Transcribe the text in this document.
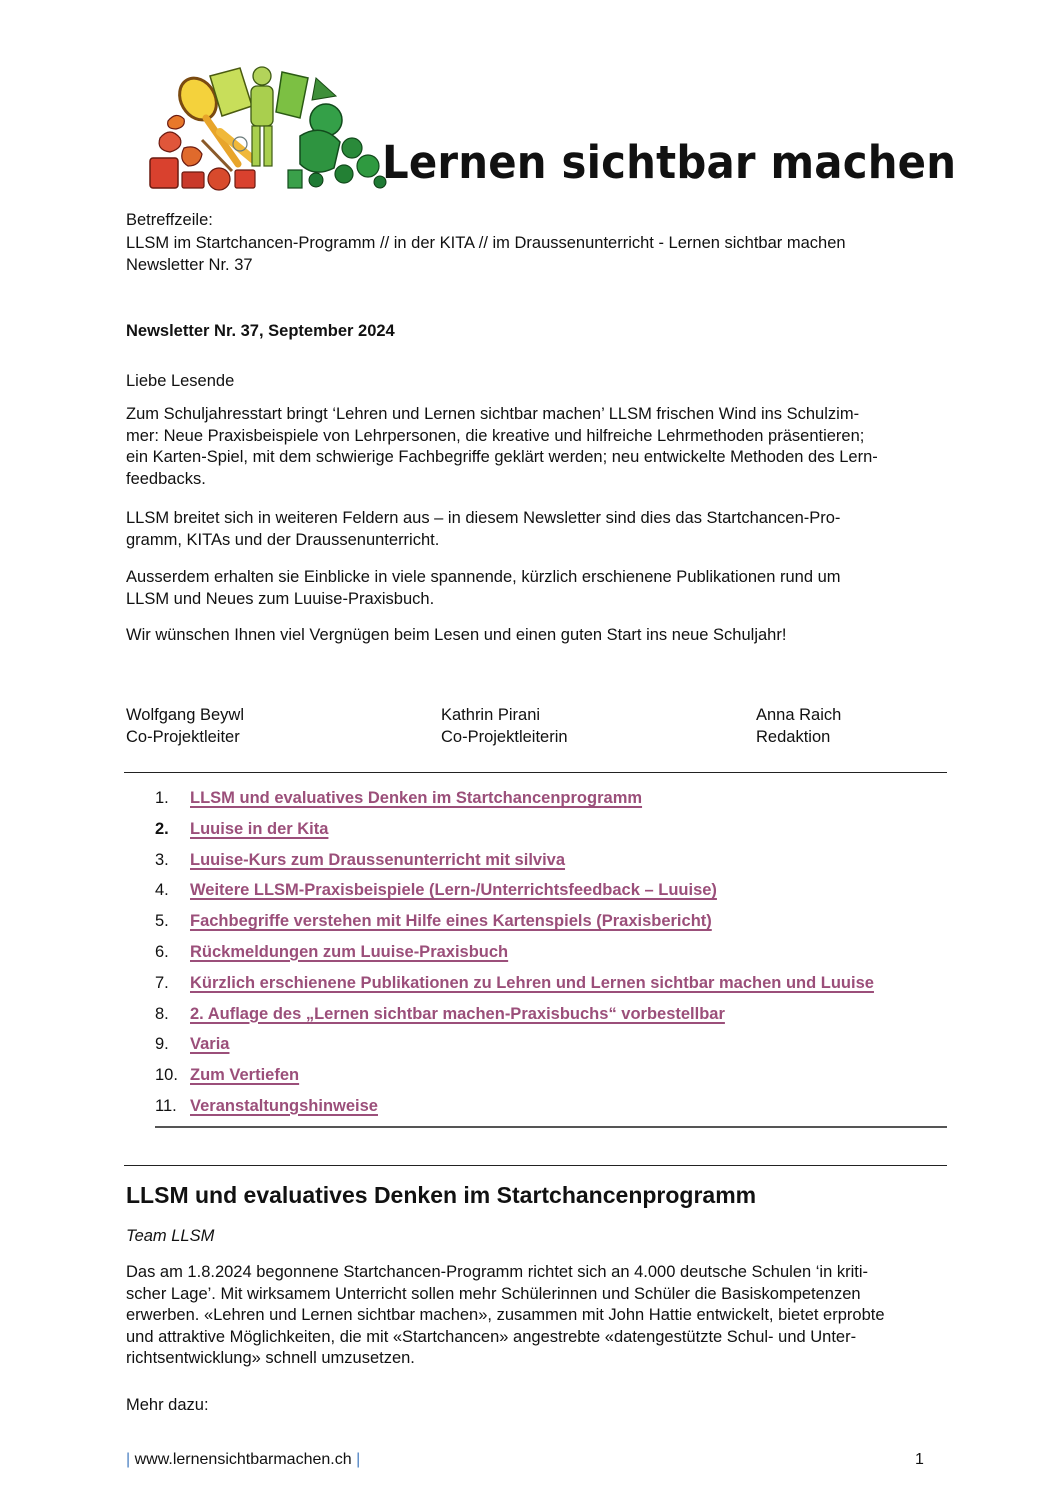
Lernen sichtbar machen
Betreffzeile:
LLSM im Startchancen-Programm // in der KITA // im Draussenunterricht - Lernen sichtbar machen
Newsletter Nr. 37
Newsletter Nr. 37, September 2024
Liebe Lesende
Zum Schuljahresstart bringt ‘Lehren und Lernen sichtbar machen’ LLSM frischen Wind ins Schulzim-
mer: Neue Praxisbeispiele von Lehrpersonen, die kreative und hilfreiche Lehrmethoden präsentieren;
ein Karten-Spiel, mit dem schwierige Fachbegriffe geklärt werden; neu entwickelte Methoden des Lern-
feedbacks.
LLSM breitet sich in weiteren Feldern aus – in diesem Newsletter sind dies das Startchancen-Pro-
gramm, KITAs und der Draussenunterricht.
Ausserdem erhalten sie Einblicke in viele spannende, kürzlich erschienene Publikationen rund um
LLSM und Neues zum Luuise-Praxisbuch.
Wir wünschen Ihnen viel Vergnügen beim Lesen und einen guten Start ins neue Schuljahr!
Wolfgang Beywl
Co-Projektleiter
Kathrin Pirani
Co-Projektleiterin
Anna Raich
Redaktion
1.	LLSM und evaluatives Denken im Startchancenprogramm
2.	Luuise in der Kita
3.	Luuise-Kurs zum Draussenunterricht mit silviva
4.	Weitere LLSM-Praxisbeispiele (Lern-/Unterrichtsfeedback – Luuise)
5.	Fachbegriffe verstehen mit Hilfe eines Kartenspiels (Praxisbericht)
6.	Rückmeldungen zum Luuise-Praxisbuch
7.	Kürzlich erschienene Publikationen zu Lehren und Lernen sichtbar machen und Luuise
8.	2. Auflage des „Lernen sichtbar machen-Praxisbuchs“ vorbestellbar
9.	Varia
10. Zum Vertiefen
11. Veranstaltungshinweise
LLSM und evaluatives Denken im Startchancenprogramm
Team LLSM
Das am 1.8.2024 begonnene Startchancen-Programm richtet sich an 4.000 deutsche Schulen ‘in kriti-
scher Lage’. Mit wirksamem Unterricht sollen mehr Schülerinnen und Schüler die Basiskompetenzen
erwerben. «Lehren und Lernen sichtbar machen», zusammen mit John Hattie entwickelt, bietet erprobte
und attraktive Möglichkeiten, die mit «Startchancen» angestrebte «datengestützte Schul- und Unter-
richtsentwicklung» schnell umzusetzen.
Mehr dazu:
| www.lernensichtbarmachen.ch |	1
